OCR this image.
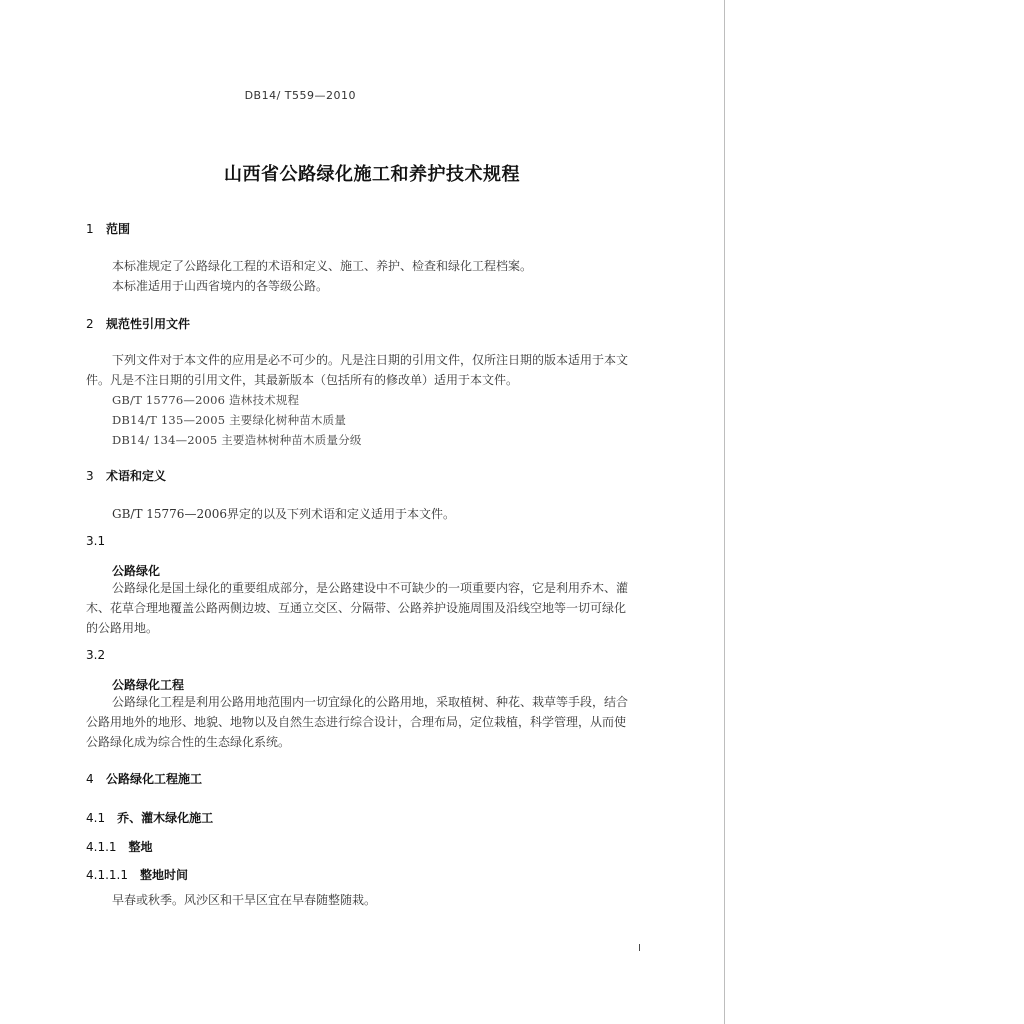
DB14/ T559—2010
山西省公路绿化施工和养护技术规程
1 范围
本标准规定了公路绿化工程的术语和定义、施工、养护、检查和绿化工程档案。
本标准适用于山西省境内的各等级公路。
2 规范性引用文件
下列文件对于本文件的应用是必不可少的。凡是注日期的引用文件，仅所注日期的版本适用于本文
件。凡是不注日期的引用文件，其最新版本（包括所有的修改单）适用于本文件。
GB/T 15776—2006 造林技术规程
DB14/T 135—2005 主要绿化树种苗木质量
DB14/ 134—2005 主要造林树种苗木质量分级
3 术语和定义
GB/T 15776—2006界定的以及下列术语和定义适用于本文件。
3.1
公路绿化
公路绿化是国土绿化的重要组成部分，是公路建设中不可缺少的一项重要内容，它是利用乔木、灌
木、花草合理地覆盖公路两侧边坡、互通立交区、分隔带、公路养护设施周围及沿线空地等一切可绿化
的公路用地。
3.2
公路绿化工程
公路绿化工程是利用公路用地范围内一切宜绿化的公路用地，采取植树、种花、栽草等手段，结合
公路用地外的地形、地貌、地物以及自然生态进行综合设计，合理布局，定位栽植，科学管理，从而使
公路绿化成为综合性的生态绿化系统。
4 公路绿化工程施工
4.1 乔、灌木绿化施工
4.1.1 整地
4.1.1.1 整地时间
早春或秋季。风沙区和干旱区宜在早春随整随栽。
I
